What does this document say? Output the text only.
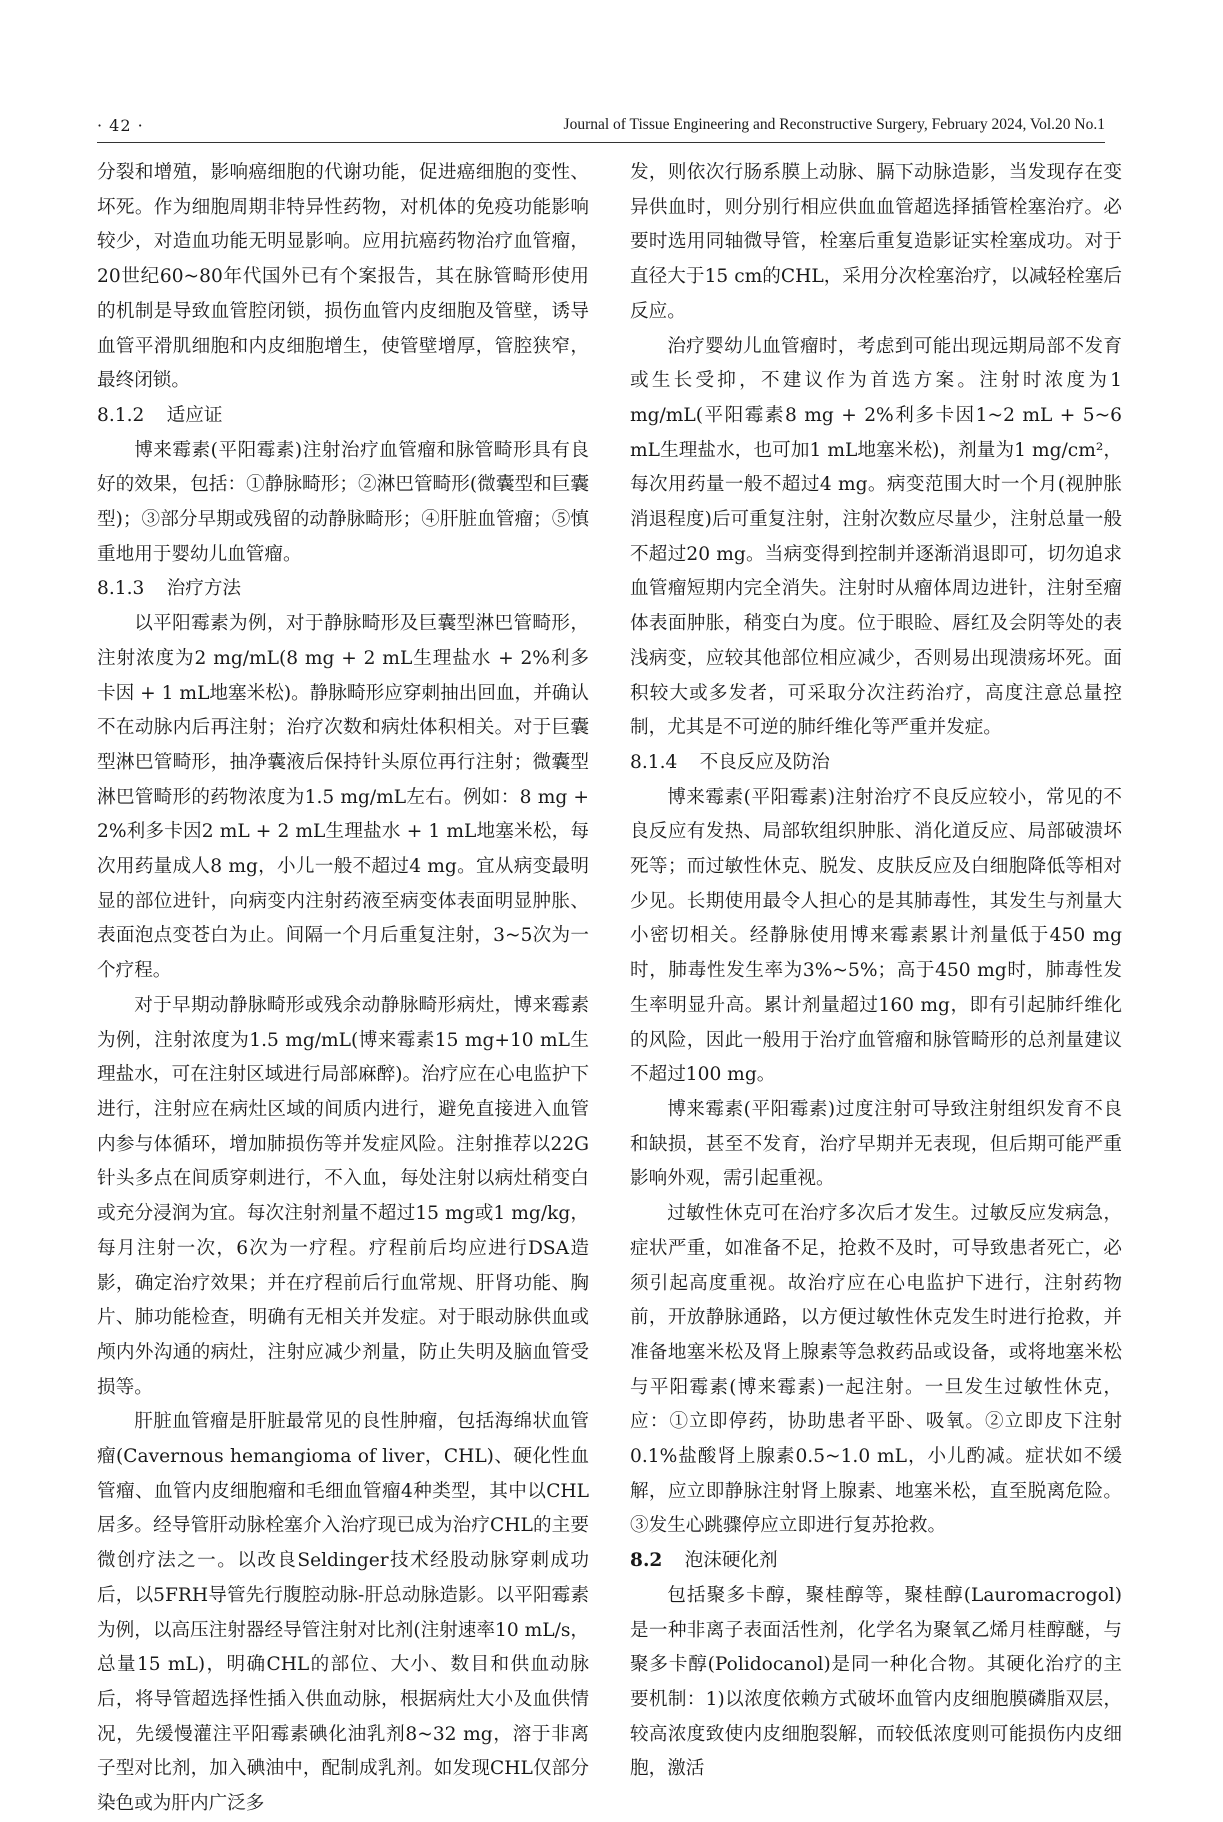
· 42 ·	Journal of Tissue Engineering and Reconstructive Surgery, February 2024, Vol.20 No.1

分裂和增殖，影响癌细胞的代谢功能，促进癌细胞的变性、坏死。作为细胞周期非特异性药物，对机体的免疫功能影响较少，对造血功能无明显影响。应用抗癌药物治疗血管瘤，20世纪60~80年代国外已有个案报告，其在脉管畸形使用的机制是导致血管腔闭锁，损伤血管内皮细胞及管壁，诱导血管平滑肌细胞和内皮细胞增生，使管壁增厚，管腔狭窄，最终闭锁。

8.1.2 适应证

博来霉素(平阳霉素)注射治疗血管瘤和脉管畸形具有良好的效果，包括：①静脉畸形；②淋巴管畸形(微囊型和巨囊型)；③部分早期或残留的动静脉畸形；④肝脏血管瘤；⑤慎重地用于婴幼儿血管瘤。

8.1.3 治疗方法

以平阳霉素为例，对于静脉畸形及巨囊型淋巴管畸形，注射浓度为2 mg/mL(8 mg + 2 mL生理盐水 + 2%利多卡因 + 1 mL地塞米松)。静脉畸形应穿刺抽出回血，并确认不在动脉内后再注射；治疗次数和病灶体积相关。对于巨囊型淋巴管畸形，抽净囊液后保持针头原位再行注射；微囊型淋巴管畸形的药物浓度为1.5 mg/mL左右。例如：8 mg + 2%利多卡因2 mL + 2 mL生理盐水 + 1 mL地塞米松，每次用药量成人8 mg，小儿一般不超过4 mg。宜从病变最明显的部位进针，向病变内注射药液至病变体表面明显肿胀、表面泡点变苍白为止。间隔一个月后重复注射，3~5次为一个疗程。

对于早期动静脉畸形或残余动静脉畸形病灶，博来霉素为例，注射浓度为1.5 mg/mL(博来霉素15 mg+10 mL生理盐水，可在注射区域进行局部麻醉)。治疗应在心电监护下进行，注射应在病灶区域的间质内进行，避免直接进入血管内参与体循环，增加肺损伤等并发症风险。注射推荐以22G针头多点在间质穿刺进行，不入血，每处注射以病灶稍变白或充分浸润为宜。每次注射剂量不超过15 mg或1 mg/kg，每月注射一次，6次为一疗程。疗程前后均应进行DSA造影，确定治疗效果；并在疗程前后行血常规、肝肾功能、胸片、肺功能检查，明确有无相关并发症。对于眼动脉供血或颅内外沟通的病灶，注射应减少剂量，防止失明及脑血管受损等。

肝脏血管瘤是肝脏最常见的良性肿瘤，包括海绵状血管瘤(Cavernous hemangioma of liver，CHL)、硬化性血管瘤、血管内皮细胞瘤和毛细血管瘤4种类型，其中以CHL居多。经导管肝动脉栓塞介入治疗现已成为治疗CHL的主要微创疗法之一。以改良Seldinger技术经股动脉穿刺成功后，以5FRH导管先行腹腔动脉-肝总动脉造影。以平阳霉素为例，以高压注射器经导管注射对比剂(注射速率10 mL/s，总量15 mL)，明确CHL的部位、大小、数目和供血动脉后，将导管超选择性插入供血动脉，根据病灶大小及血供情况，先缓慢灌注平阳霉素碘化油乳剂8~32 mg，溶于非离子型对比剂，加入碘油中，配制成乳剂。如发现CHL仅部分染色或为肝内广泛多

发，则依次行肠系膜上动脉、膈下动脉造影，当发现存在变异供血时，则分别行相应供血血管超选择插管栓塞治疗。必要时选用同轴微导管，栓塞后重复造影证实栓塞成功。对于直径大于15 cm的CHL，采用分次栓塞治疗，以减轻栓塞后反应。

治疗婴幼儿血管瘤时，考虑到可能出现远期局部不发育或生长受抑，不建议作为首选方案。注射时浓度为1 mg/mL(平阳霉素8 mg + 2%利多卡因1~2 mL + 5~6 mL生理盐水，也可加1 mL地塞米松)，剂量为1 mg/cm²，每次用药量一般不超过4 mg。病变范围大时一个月(视肿胀消退程度)后可重复注射，注射次数应尽量少，注射总量一般不超过20 mg。当病变得到控制并逐渐消退即可，切勿追求血管瘤短期内完全消失。注射时从瘤体周边进针，注射至瘤体表面肿胀，稍变白为度。位于眼睑、唇红及会阴等处的表浅病变，应较其他部位相应减少，否则易出现溃疡坏死。面积较大或多发者，可采取分次注药治疗，高度注意总量控制，尤其是不可逆的肺纤维化等严重并发症。

8.1.4 不良反应及防治

博来霉素(平阳霉素)注射治疗不良反应较小，常见的不良反应有发热、局部软组织肿胀、消化道反应、局部破溃坏死等；而过敏性休克、脱发、皮肤反应及白细胞降低等相对少见。长期使用最令人担心的是其肺毒性，其发生与剂量大小密切相关。经静脉使用博来霉素累计剂量低于450 mg时，肺毒性发生率为3%~5%；高于450 mg时，肺毒性发生率明显升高。累计剂量超过160 mg，即有引起肺纤维化的风险，因此一般用于治疗血管瘤和脉管畸形的总剂量建议不超过100 mg。

博来霉素(平阳霉素)过度注射可导致注射组织发育不良和缺损，甚至不发育，治疗早期并无表现，但后期可能严重影响外观，需引起重视。

过敏性休克可在治疗多次后才发生。过敏反应发病急，症状严重，如准备不足，抢救不及时，可导致患者死亡，必须引起高度重视。故治疗应在心电监护下进行，注射药物前，开放静脉通路，以方便过敏性休克发生时进行抢救，并准备地塞米松及肾上腺素等急救药品或设备，或将地塞米松与平阳霉素(博来霉素)一起注射。一旦发生过敏性休克，应：①立即停药，协助患者平卧、吸氧。②立即皮下注射0.1%盐酸肾上腺素0.5~1.0 mL，小儿酌减。症状如不缓解，应立即静脉注射肾上腺素、地塞米松，直至脱离危险。③发生心跳骤停应立即进行复苏抢救。

8.2 泡沫硬化剂

包括聚多卡醇，聚桂醇等，聚桂醇(Lauromacrogol)是一种非离子表面活性剂，化学名为聚氧乙烯月桂醇醚，与聚多卡醇(Polidocanol)是同一种化合物。其硬化治疗的主要机制：1)以浓度依赖方式破坏血管内皮细胞膜磷脂双层，较高浓度致使内皮细胞裂解，而较低浓度则可能损伤内皮细胞，激活
